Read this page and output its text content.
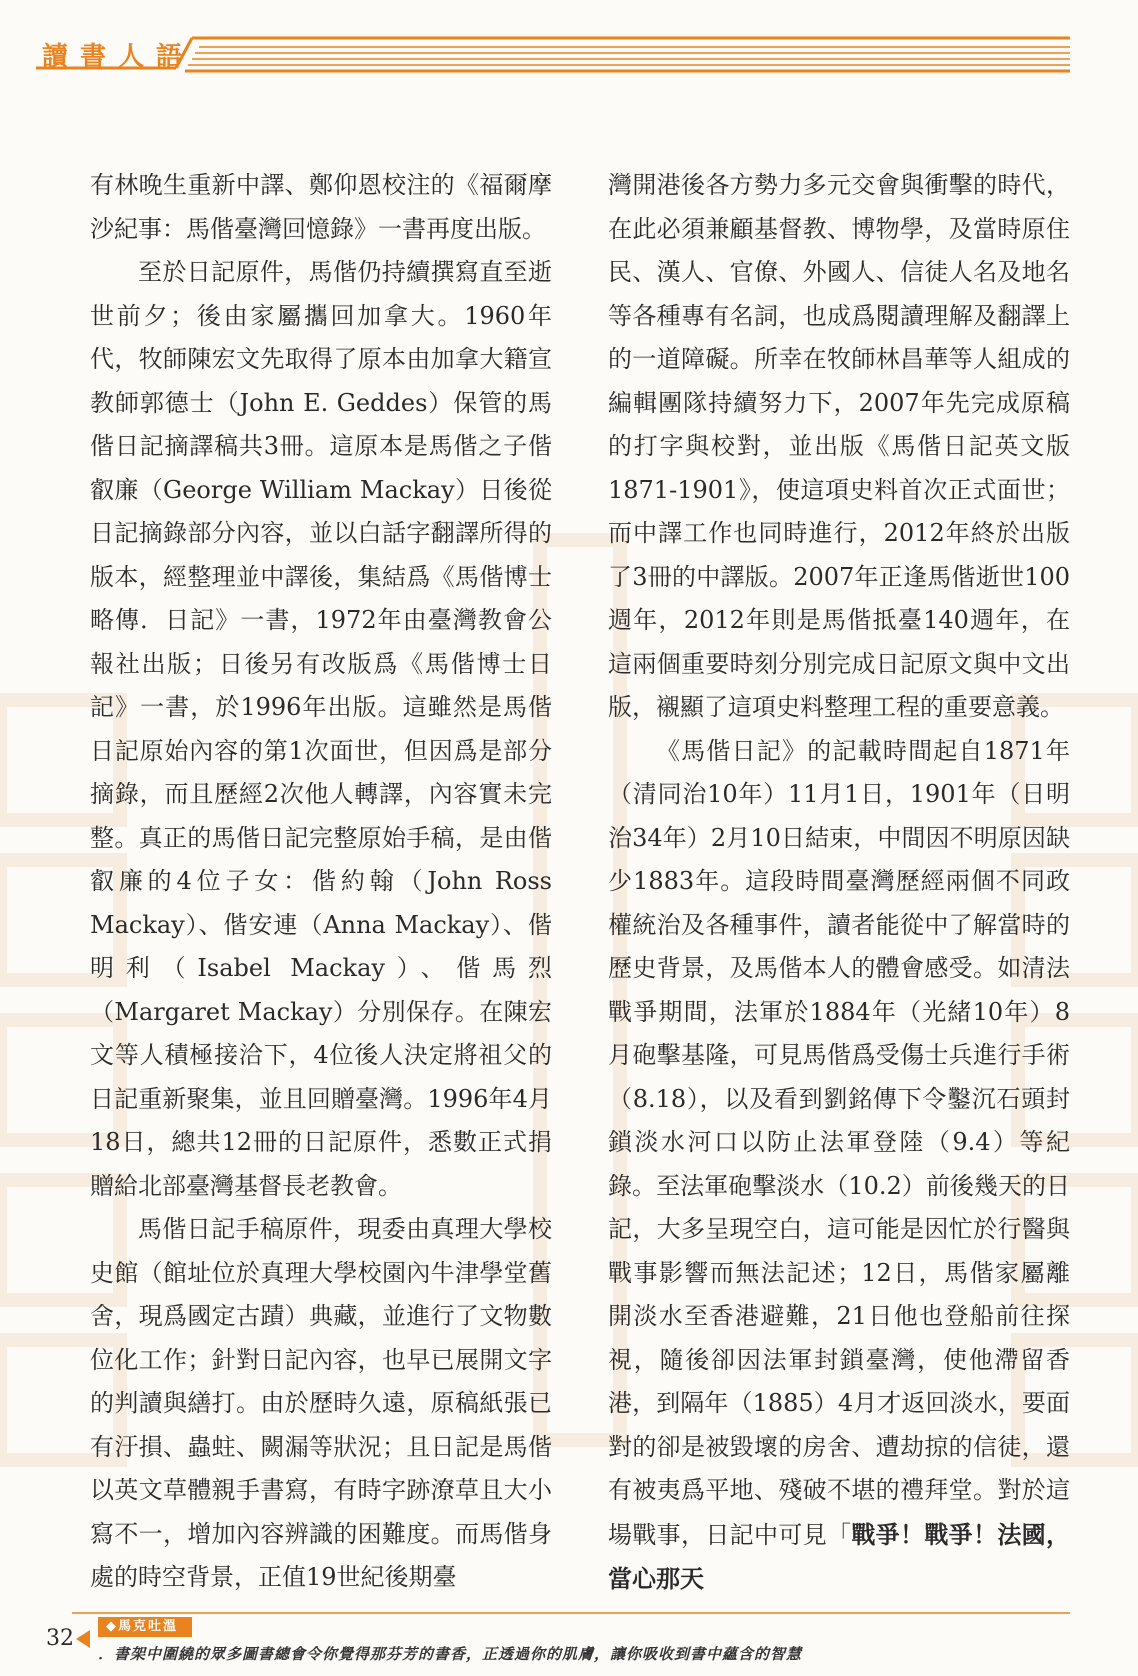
讀書人語

有林晚生重新中譯、鄭仰恩校注的《福爾摩沙紀事：馬偕臺灣回憶錄》一書再度出版。

至於日記原件，馬偕仍持續撰寫直至逝世前夕；後由家屬攜回加拿大。1960年代，牧師陳宏文先取得了原本由加拿大籍宣教師郭德士（John E. Geddes）保管的馬偕日記摘譯稿共3冊。這原本是馬偕之子偕叡廉（George William Mackay）日後從日記摘錄部分內容，並以白話字翻譯所得的版本，經整理並中譯後，集結爲《馬偕博士略傳．日記》一書，1972年由臺灣教會公報社出版；日後另有改版爲《馬偕博士日記》一書，於1996年出版。這雖然是馬偕日記原始內容的第1次面世，但因爲是部分摘錄，而且歷經2次他人轉譯，內容實未完整。真正的馬偕日記完整原始手稿，是由偕叡廉的4位子女：偕約翰（John Ross Mackay）、偕安連（Anna Mackay）、偕明利（Isabel Mackay）、偕馬烈（Margaret Mackay）分別保存。在陳宏文等人積極接洽下，4位後人決定將祖父的日記重新聚集，並且回贈臺灣。1996年4月18日，總共12冊的日記原件，悉數正式捐贈給北部臺灣基督長老教會。

馬偕日記手稿原件，現委由真理大學校史館（館址位於真理大學校園內牛津學堂舊舍，現爲國定古蹟）典藏，並進行了文物數位化工作；針對日記內容，也早已展開文字的判讀與繕打。由於歷時久遠，原稿紙張已有汙損、蟲蛀、闕漏等狀況；且日記是馬偕以英文草體親手書寫，有時字跡潦草且大小寫不一，增加內容辨識的困難度。而馬偕身處的時空背景，正值19世紀後期臺

灣開港後各方勢力多元交會與衝擊的時代，在此必須兼顧基督教、博物學，及當時原住民、漢人、官僚、外國人、信徒人名及地名等各種專有名詞，也成爲閱讀理解及翻譯上的一道障礙。所幸在牧師林昌華等人組成的編輯團隊持續努力下，2007年先完成原稿的打字與校對，並出版《馬偕日記英文版1871-1901》，使這項史料首次正式面世；而中譯工作也同時進行，2012年終於出版了3冊的中譯版。2007年正逢馬偕逝世100週年，2012年則是馬偕抵臺140週年，在這兩個重要時刻分別完成日記原文與中文出版，襯顯了這項史料整理工程的重要意義。

《馬偕日記》的記載時間起自1871年（清同治10年）11月1日，1901年（日明治34年）2月10日結束，中間因不明原因缺少1883年。這段時間臺灣歷經兩個不同政權統治及各種事件，讀者能從中了解當時的歷史背景，及馬偕本人的體會感受。如清法戰爭期間，法軍於1884年（光緒10年）8月砲擊基隆，可見馬偕爲受傷士兵進行手術（8.18），以及看到劉銘傳下令鑿沉石頭封鎖淡水河口以防止法軍登陸（9.4）等紀錄。至法軍砲擊淡水（10.2）前後幾天的日記，大多呈現空白，這可能是因忙於行醫與戰事影響而無法記述；12日，馬偕家屬離開淡水至香港避難，21日他也登船前往探視，隨後卻因法軍封鎖臺灣，使他滯留香港，到隔年（1885）4月才返回淡水，要面對的卻是被毀壞的房舍、遭劫掠的信徒，還有被夷爲平地、殘破不堪的禮拜堂。對於這場戰事，日記中可見「戰爭！戰爭！法國，當心那天

32	◆馬克吐溫
．書架中圍繞的眾多圖書總會令你覺得那芬芳的書香，正透過你的肌膚，讓你吸收到書中蘊含的智慧
